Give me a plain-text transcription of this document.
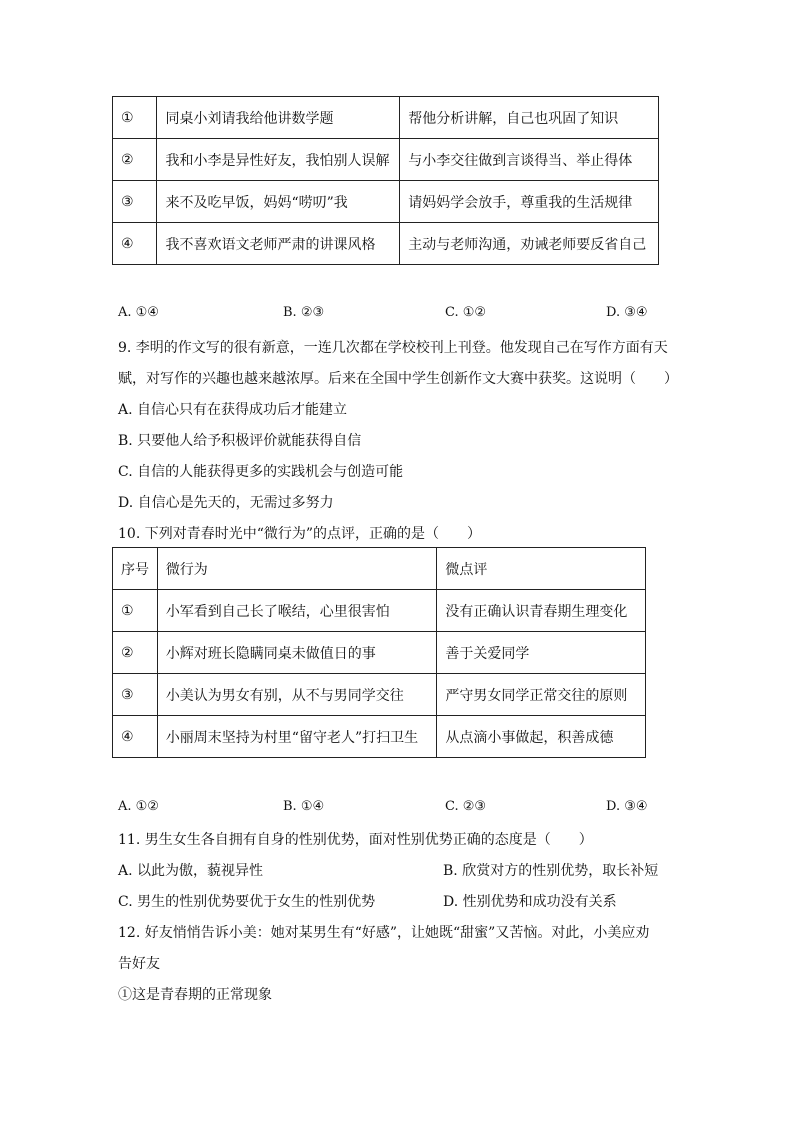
①	同桌小刘请我给他讲数学题	帮他分析讲解，自己也巩固了知识
②	我和小李是异性好友，我怕别人误解	与小李交往做到言谈得当、举止得体
③	来不及吃早饭，妈妈“唠叨”我	请妈妈学会放手，尊重我的生活规律
④	我不喜欢语文老师严肃的讲课风格	主动与老师沟通，劝诫老师要反省自己
A. ①④	B. ②③	C. ①②	D. ③④
9. 李明的作文写的很有新意，一连几次都在学校校刊上刊登。他发现自己在写作方面有天
赋，对写作的兴趣也越来越浓厚。后来在全国中学生创新作文大赛中获奖。这说明（　　）
A. 自信心只有在获得成功后才能建立
B. 只要他人给予积极评价就能获得自信
C. 自信的人能获得更多的实践机会与创造可能
D. 自信心是先天的，无需过多努力
10. 下列对青春时光中“微行为”的点评，正确的是（　　）
序号	微行为	微点评
①	小军看到自己长了喉结，心里很害怕	没有正确认识青春期生理变化
②	小辉对班长隐瞒同桌未做值日的事	善于关爱同学
③	小美认为男女有别，从不与男同学交往	严守男女同学正常交往的原则
④	小丽周末坚持为村里“留守老人”打扫卫生	从点滴小事做起，积善成德
A. ①②	B. ①④	C. ②③	D. ③④
11. 男生女生各自拥有自身的性别优势，面对性别优势正确的态度是（　　）
A. 以此为傲，藐视异性	B. 欣赏对方的性别优势，取长补短
C. 男生的性别优势要优于女生的性别优势	D. 性别优势和成功没有关系
12. 好友悄悄告诉小美：她对某男生有“好感”，让她既“甜蜜”又苦恼。对此，小美应劝
告好友
①这是青春期的正常现象
